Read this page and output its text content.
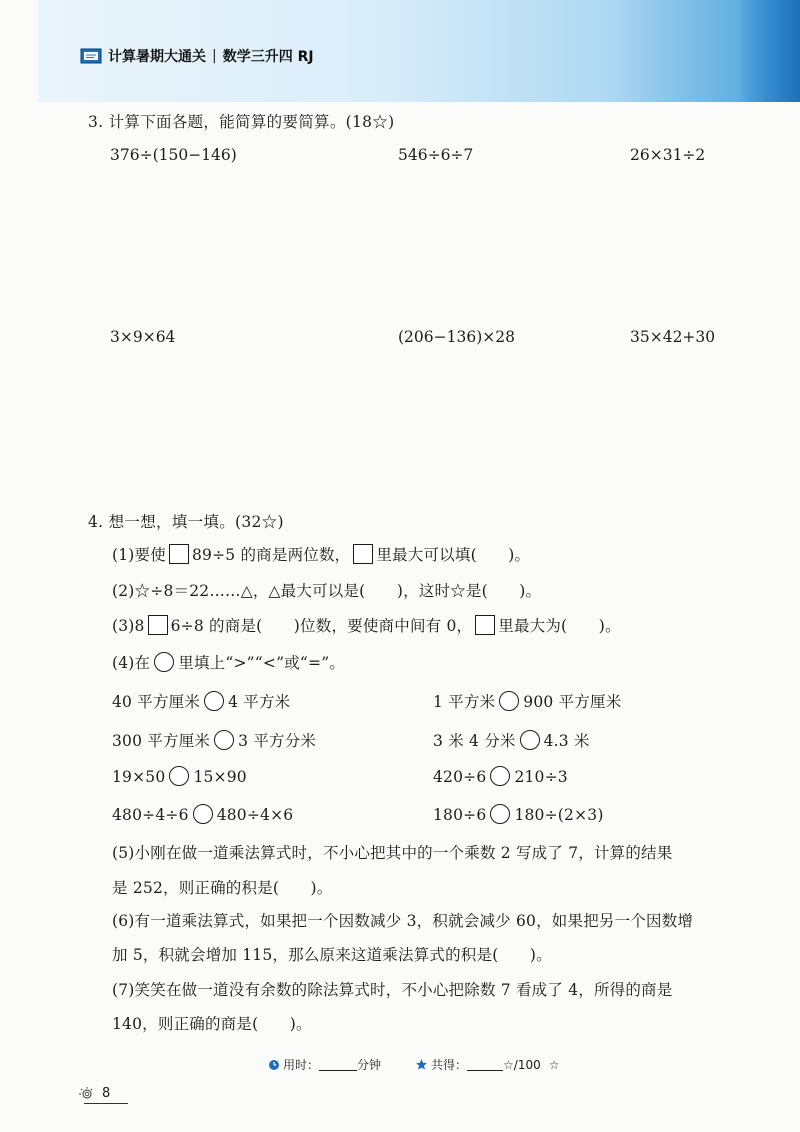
计算暑期大通关 | 数学三升四 RJ
3. 计算下面各题，能简算的要简算。(18☆)
376÷(150−146)	546÷6÷7	26×31÷2
3×9×64	(206−136)×28	35×42+30
4. 想一想，填一填。(32☆)
(1)要使 89÷5 的商是两位数， 里最大可以填(　　)。
(2)☆÷8＝22……△，△最大可以是(　　)，这时☆是(　　)。
(3)8 6÷8 的商是(　　)位数，要使商中间有 0， 里最大为(　　)。
(4)在 里填上“>”“<”或“=”。
40 平方厘米 4 平方米	1 平方米 900 平方厘米
300 平方厘米 3 平方分米	3 米 4 分米 4.3 米
19×50 15×90	420÷6 210÷3
480÷4÷6 480÷4×6	180÷6 180÷(2×3)
(5)小刚在做一道乘法算式时，不小心把其中的一个乘数 2 写成了 7，计算的结果
是 252，则正确的积是(　　)。
(6)有一道乘法算式，如果把一个因数减少 3，积就会减少 60，如果把另一个因数增
加 5，积就会增加 115，那么原来这道乘法算式的积是(　　)。
(7)笑笑在做一道没有余数的除法算式时，不小心把除数 7 看成了 4，所得的商是
140，则正确的商是(　　)。
用时：	分钟	共得：	☆/100 ☆
8
